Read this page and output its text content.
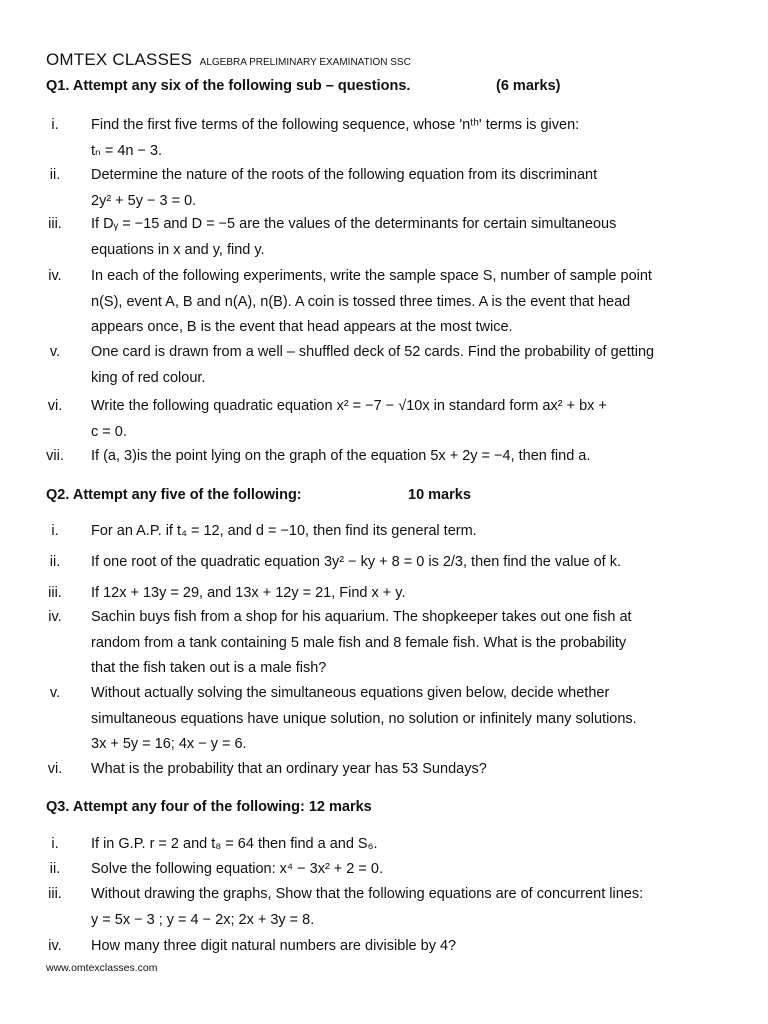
OMTEX CLASSES ALGEBRA PRELIMINARY EXAMINATION SSC
Q1. Attempt any six of the following sub – questions.	(6 marks)
i.	Find the first five terms of the following sequence, whose 'nᵗʰ' terms is given:
tₙ = 4n − 3.
ii.	Determine the nature of the roots of the following equation from its discriminant
2y² + 5y − 3 = 0.
iii.	If Dᵧ = −15 and D = −5 are the values of the determinants for certain simultaneous
equations in x and y, find y.
iv.	In each of the following experiments, write the sample space S, number of sample point
n(S), event A, B and n(A), n(B). A coin is tossed three times. A is the event that head
appears once, B is the event that head appears at the most twice.
v.	One card is drawn from a well – shuffled deck of 52 cards. Find the probability of getting
king of red colour.
vi.	Write the following quadratic equation x² = −7 − √10x in standard form ax² + bx +
c = 0.
vii. If (a, 3)is the point lying on the graph of the equation 5x + 2y = −4, then find a.
Q2. Attempt any five of the following:	10 marks
i.	For an A.P. if t₄ = 12, and d = −10, then find its general term.
ii.	If one root of the quadratic equation 3y² − ky + 8 = 0 is 2/3, then find the value of k.
iii.	If 12x + 13y = 29, and 13x + 12y = 21, Find x + y.
iv.	Sachin buys fish from a shop for his aquarium. The shopkeeper takes out one fish at
random from a tank containing 5 male fish and 8 female fish. What is the probability
that the fish taken out is a male fish?
v.	Without actually solving the simultaneous equations given below, decide whether
simultaneous equations have unique solution, no solution or infinitely many solutions.
3x + 5y = 16; 4x − y = 6.
vi.	What is the probability that an ordinary year has 53 Sundays?
Q3. Attempt any four of the following: 12 marks
i.	If in G.P. r = 2 and t₈ = 64 then find a and S₆.
ii.	Solve the following equation: x⁴ − 3x² + 2 = 0.
iii.	Without drawing the graphs, Show that the following equations are of concurrent lines:
y = 5x − 3 ; y = 4 − 2x; 2x + 3y = 8.
iv.	How many three digit natural numbers are divisible by 4?
www.omtexclasses.com
